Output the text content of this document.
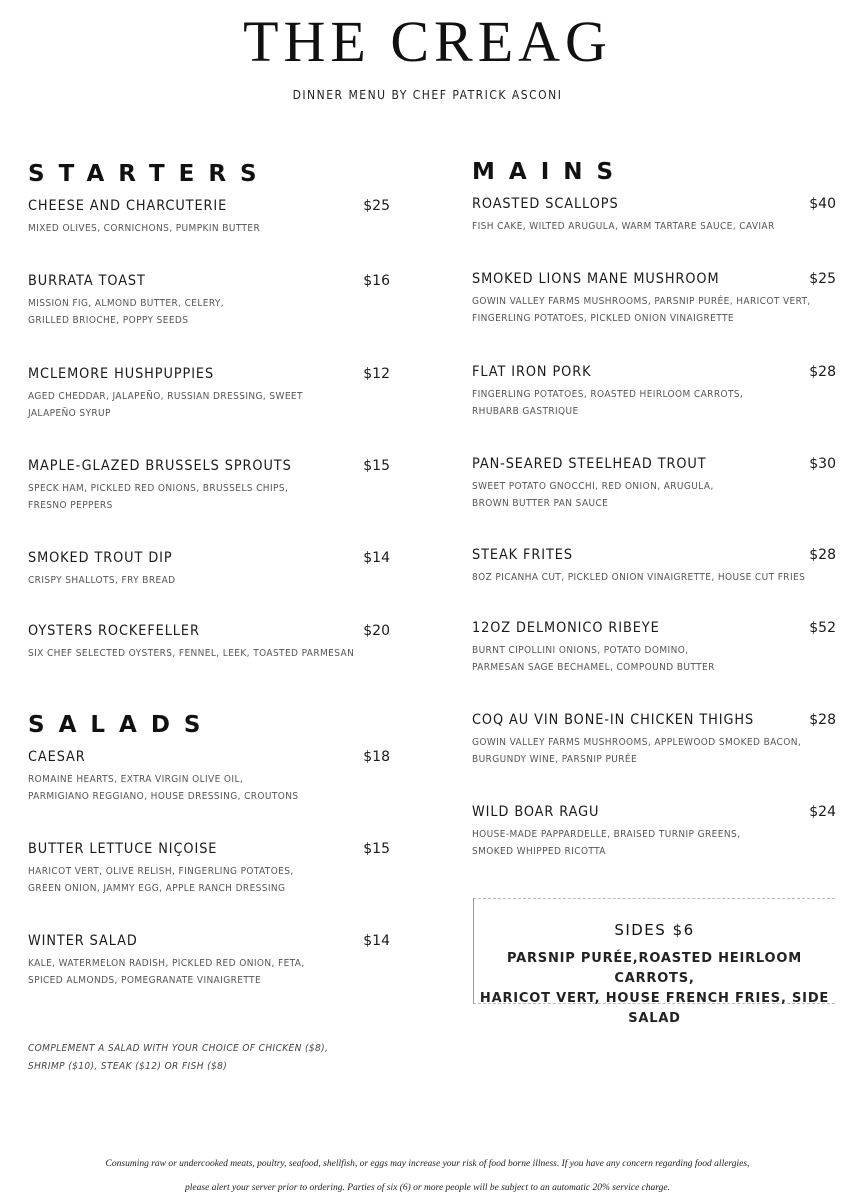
THE CREAG
DINNER MENU BY CHEF PATRICK ASCONI
STARTERS
CHEESE AND CHARCUTERIE	$25
MIXED OLIVES, CORNICHONS, PUMPKIN BUTTER
BURRATA TOAST	$16
MISSION FIG, ALMOND BUTTER, CELERY,
GRILLED BRIOCHE, POPPY SEEDS
MCLEMORE HUSHPUPPIES	$12
AGED CHEDDAR, JALAPEÑO, RUSSIAN DRESSING, SWEET
JALAPEÑO SYRUP
MAPLE-GLAZED BRUSSELS SPROUTS	$15
SPECK HAM, PICKLED RED ONIONS, BRUSSELS CHIPS,
FRESNO PEPPERS
SMOKED TROUT DIP	$14
CRISPY SHALLOTS, FRY BREAD
OYSTERS ROCKEFELLER	$20
SIX CHEF SELECTED OYSTERS, FENNEL, LEEK, TOASTED PARMESAN
SALADS
CAESAR	$18
ROMAINE HEARTS, EXTRA VIRGIN OLIVE OIL,
PARMIGIANO REGGIANO, HOUSE DRESSING, CROUTONS
BUTTER LETTUCE NIÇOISE	$15
HARICOT VERT, OLIVE RELISH, FINGERLING POTATOES,
GREEN ONION, JAMMY EGG, APPLE RANCH DRESSING
WINTER SALAD	$14
KALE, WATERMELON RADISH, PICKLED RED ONION, FETA,
SPICED ALMONDS, POMEGRANATE VINAIGRETTE
COMPLEMENT A SALAD WITH YOUR CHOICE OF CHICKEN ($8),
SHRIMP ($10), STEAK ($12) OR FISH ($8)
MAINS
ROASTED SCALLOPS	$40
FISH CAKE, WILTED ARUGULA, WARM TARTARE SAUCE, CAVIAR
SMOKED LIONS MANE MUSHROOM	$25
GOWIN VALLEY FARMS MUSHROOMS, PARSNIP PURÉE, HARICOT VERT,
FINGERLING POTATOES, PICKLED ONION VINAIGRETTE
FLAT IRON PORK	$28
FINGERLING POTATOES, ROASTED HEIRLOOM CARROTS,
RHUBARB GASTRIQUE
PAN-SEARED STEELHEAD TROUT	$30
SWEET POTATO GNOCCHI, RED ONION, ARUGULA,
BROWN BUTTER PAN SAUCE
STEAK FRITES	$28
8OZ PICANHA CUT, PICKLED ONION VINAIGRETTE, HOUSE CUT FRIES
12OZ DELMONICO RIBEYE	$52
BURNT CIPOLLINI ONIONS, POTATO DOMINO,
PARMESAN SAGE BECHAMEL, COMPOUND BUTTER
COQ AU VIN BONE-IN CHICKEN THIGHS	$28
GOWIN VALLEY FARMS MUSHROOMS, APPLEWOOD SMOKED BACON,
BURGUNDY WINE, PARSNIP PURÉE
WILD BOAR RAGU	$24
HOUSE-MADE PAPPARDELLE, BRAISED TURNIP GREENS,
SMOKED WHIPPED RICOTTA
SIDES $6
PARSNIP PURÉE,ROASTED HEIRLOOM CARROTS,
HARICOT VERT, HOUSE FRENCH FRIES, SIDE SALAD
Consuming raw or undercooked meats, poultry, seafood, shellfish, or eggs may increase your risk of food borne illness. If you have any concern regarding food allergies,
please alert your server prior to ordering. Parties of six (6) or more people will be subject to an automatic 20% service charge.
